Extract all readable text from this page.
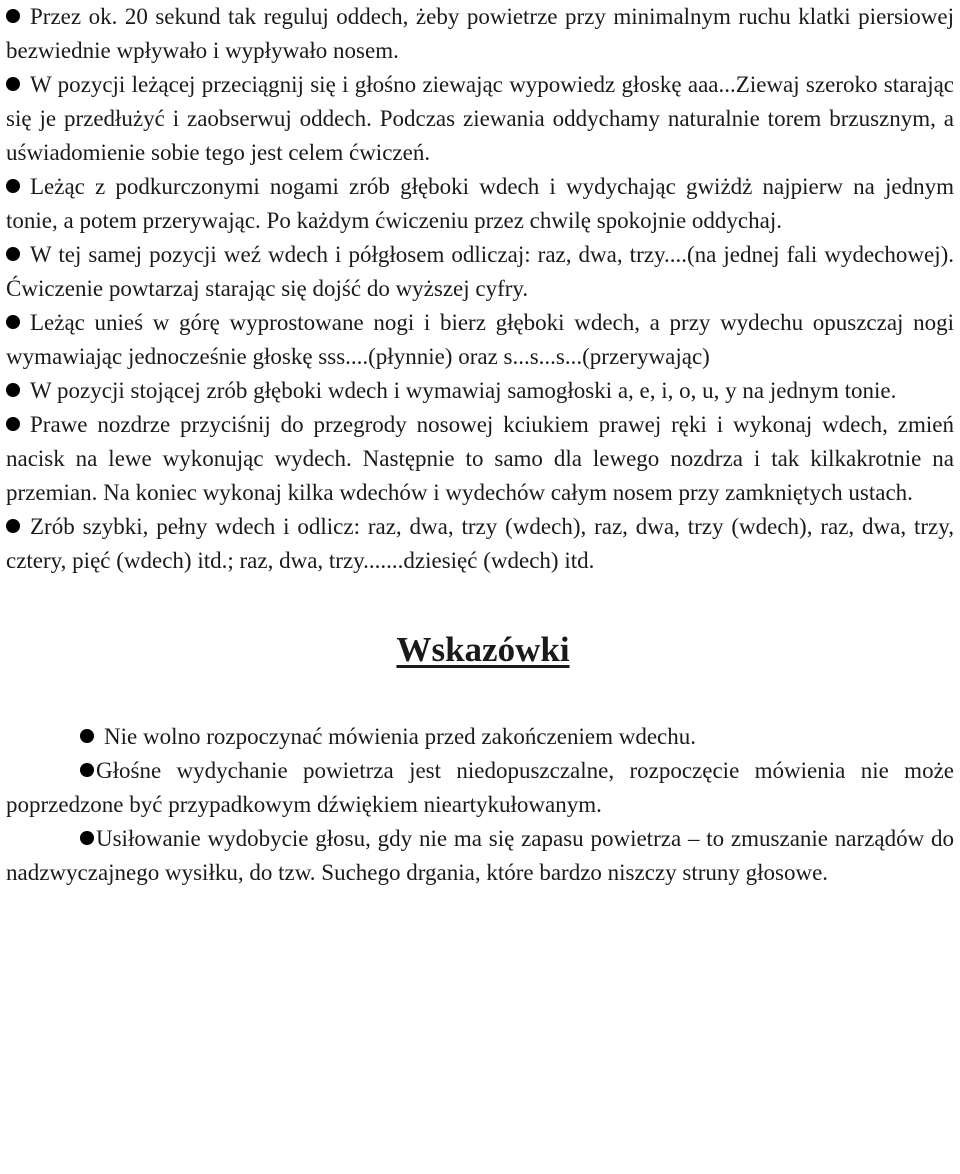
Przez ok. 20 sekund tak reguluj oddech, żeby powietrze przy minimalnym ruchu klatki piersiowej bezwiednie wpływało i wypływało nosem.

W pozycji leżącej przeciągnij się i głośno ziewając wypowiedz głoskę aaa...Ziewaj szeroko starając się je przedłużyć i zaobserwuj oddech. Podczas ziewania oddychamy naturalnie torem brzusznym, a uświadomienie sobie tego jest celem ćwiczeń.

Leżąc z podkurczonymi nogami zrób głęboki wdech i wydychając gwiżdż najpierw na jednym tonie, a potem przerywając. Po każdym ćwiczeniu przez chwilę spokojnie oddychaj.

W tej samej pozycji weź wdech i półgłosem odliczaj: raz, dwa, trzy....(na jednej fali wydechowej). Ćwiczenie powtarzaj starając się dojść do wyższej cyfry.

Leżąc unieś w górę wyprostowane nogi i bierz głęboki wdech, a przy wydechu opuszczaj nogi wymawiając jednocześnie głoskę sss....(płynnie) oraz s...s...s...(przerywając)

W pozycji stojącej zrób głęboki wdech i wymawiaj samogłoski a, e, i, o, u, y na jednym tonie.

Prawe nozdrze przyciśnij do przegrody nosowej kciukiem prawej ręki i wykonaj wdech, zmień nacisk na lewe wykonując wydech. Następnie to samo dla lewego nozdrza i tak kilkakrotnie na przemian. Na koniec wykonaj kilka wdechów i wydechów całym nosem przy zamkniętych ustach.

Zrób szybki, pełny wdech i odlicz: raz, dwa, trzy (wdech), raz, dwa, trzy (wdech), raz, dwa, trzy, cztery, pięć (wdech) itd.; raz, dwa, trzy.......dziesięć (wdech) itd.

Wskazówki

Nie wolno rozpoczynać mówienia przed zakończeniem wdechu.

Głośne wydychanie powietrza jest niedopuszczalne, rozpoczęcie mówienia nie może poprzedzone być przypadkowym dźwiękiem nieartykułowanym.

Usiłowanie wydobycie głosu, gdy nie ma się zapasu powietrza – to zmuszanie narządów do nadzwyczajnego wysiłku, do tzw. Suchego drgania, które bardzo niszczy struny głosowe.
